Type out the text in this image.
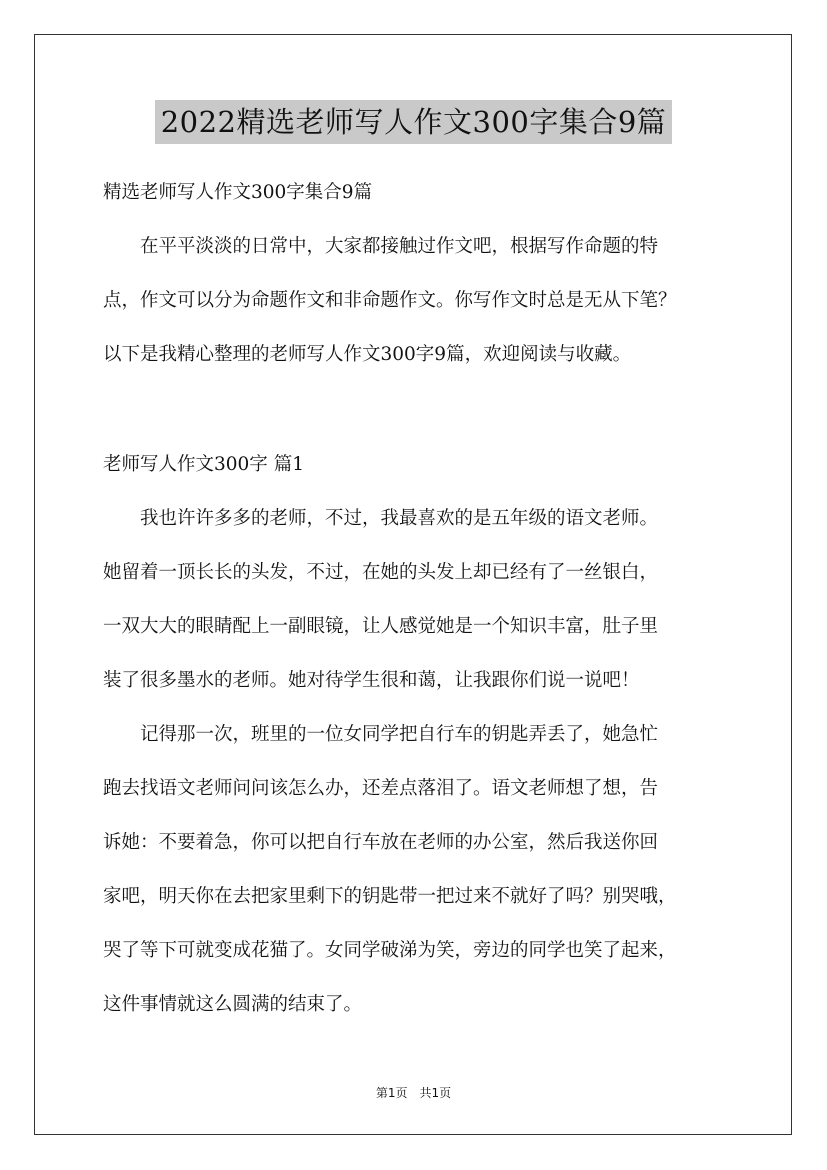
2022精选老师写人作文300字集合9篇
精选老师写人作文300字集合9篇
　　在平平淡淡的日常中，大家都接触过作文吧，根据写作命题的特
点，作文可以分为命题作文和非命题作文。你写作文时总是无从下笔？
以下是我精心整理的老师写人作文300字9篇，欢迎阅读与收藏。
老师写人作文300字 篇1
　　我也许许多多的老师，不过，我最喜欢的是五年级的语文老师。
她留着一顶长长的头发，不过，在她的头发上却已经有了一丝银白，
一双大大的眼睛配上一副眼镜，让人感觉她是一个知识丰富，肚子里
装了很多墨水的老师。她对待学生很和蔼，让我跟你们说一说吧！
　　记得那一次，班里的一位女同学把自行车的钥匙弄丢了，她急忙
跑去找语文老师问问该怎么办，还差点落泪了。语文老师想了想，告
诉她：不要着急，你可以把自行车放在老师的办公室，然后我送你回
家吧，明天你在去把家里剩下的钥匙带一把过来不就好了吗？别哭哦，
哭了等下可就变成花猫了。女同学破涕为笑，旁边的同学也笑了起来，
这件事情就这么圆满的结束了。
第1页　共1页
